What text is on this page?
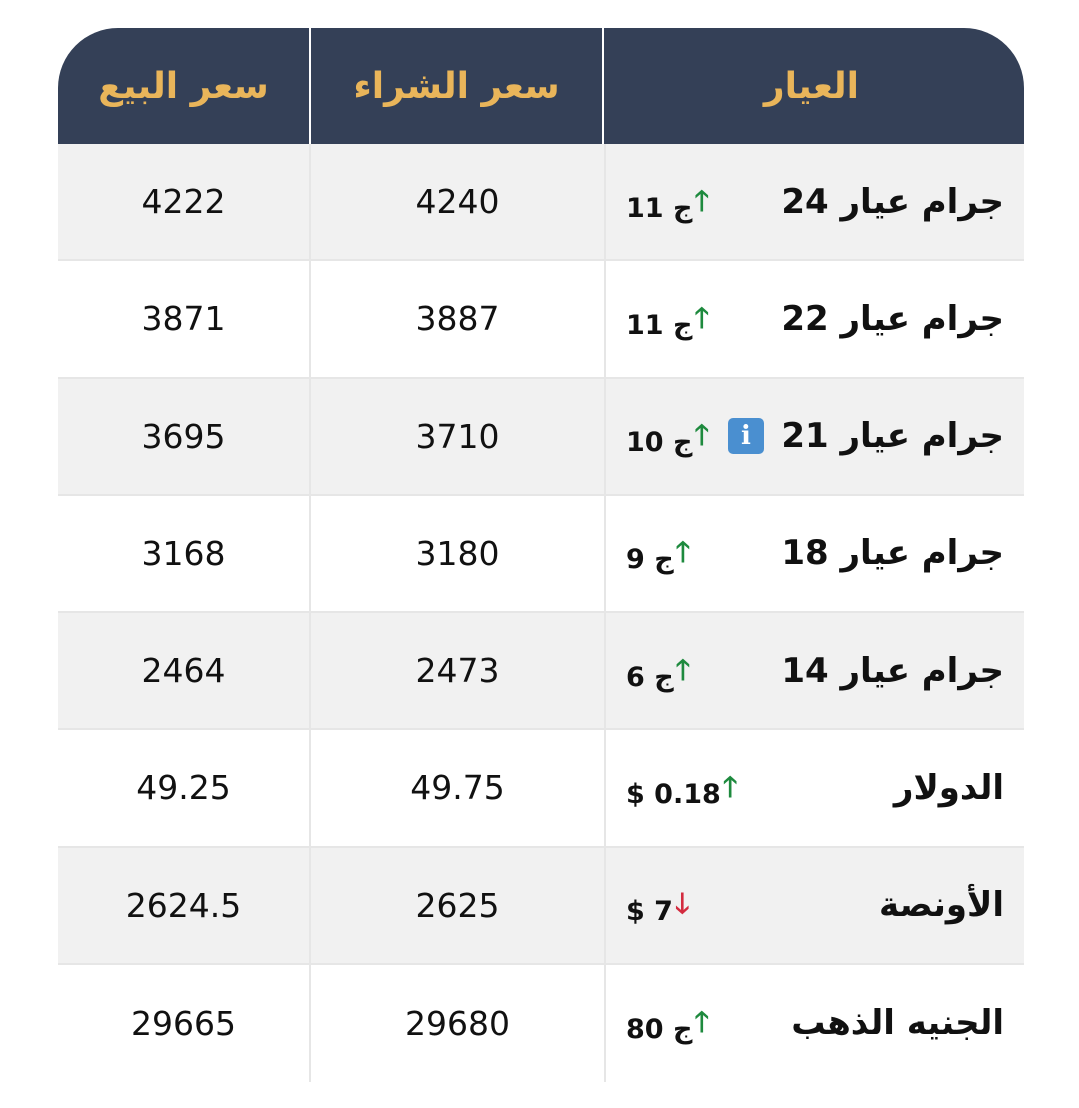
العيار
سعر الشراء
سعر البيع
جرام عيار 24
11 ج 🡑
4240
4222
جرام عيار 22
11 ج 🡑
3887
3871
جرام عيار 21
i
10 ج 🡑
3710
3695
جرام عيار 18
9 ج 🡑
3180
3168
جرام عيار 14
6 ج 🡑
2473
2464
الدولار
$ 0.18 🡑
49.75
49.25
الأونصة
$ 7 🡓
2625
2624.5
الجنيه الذهب
80 ج 🡑
29680
29665
